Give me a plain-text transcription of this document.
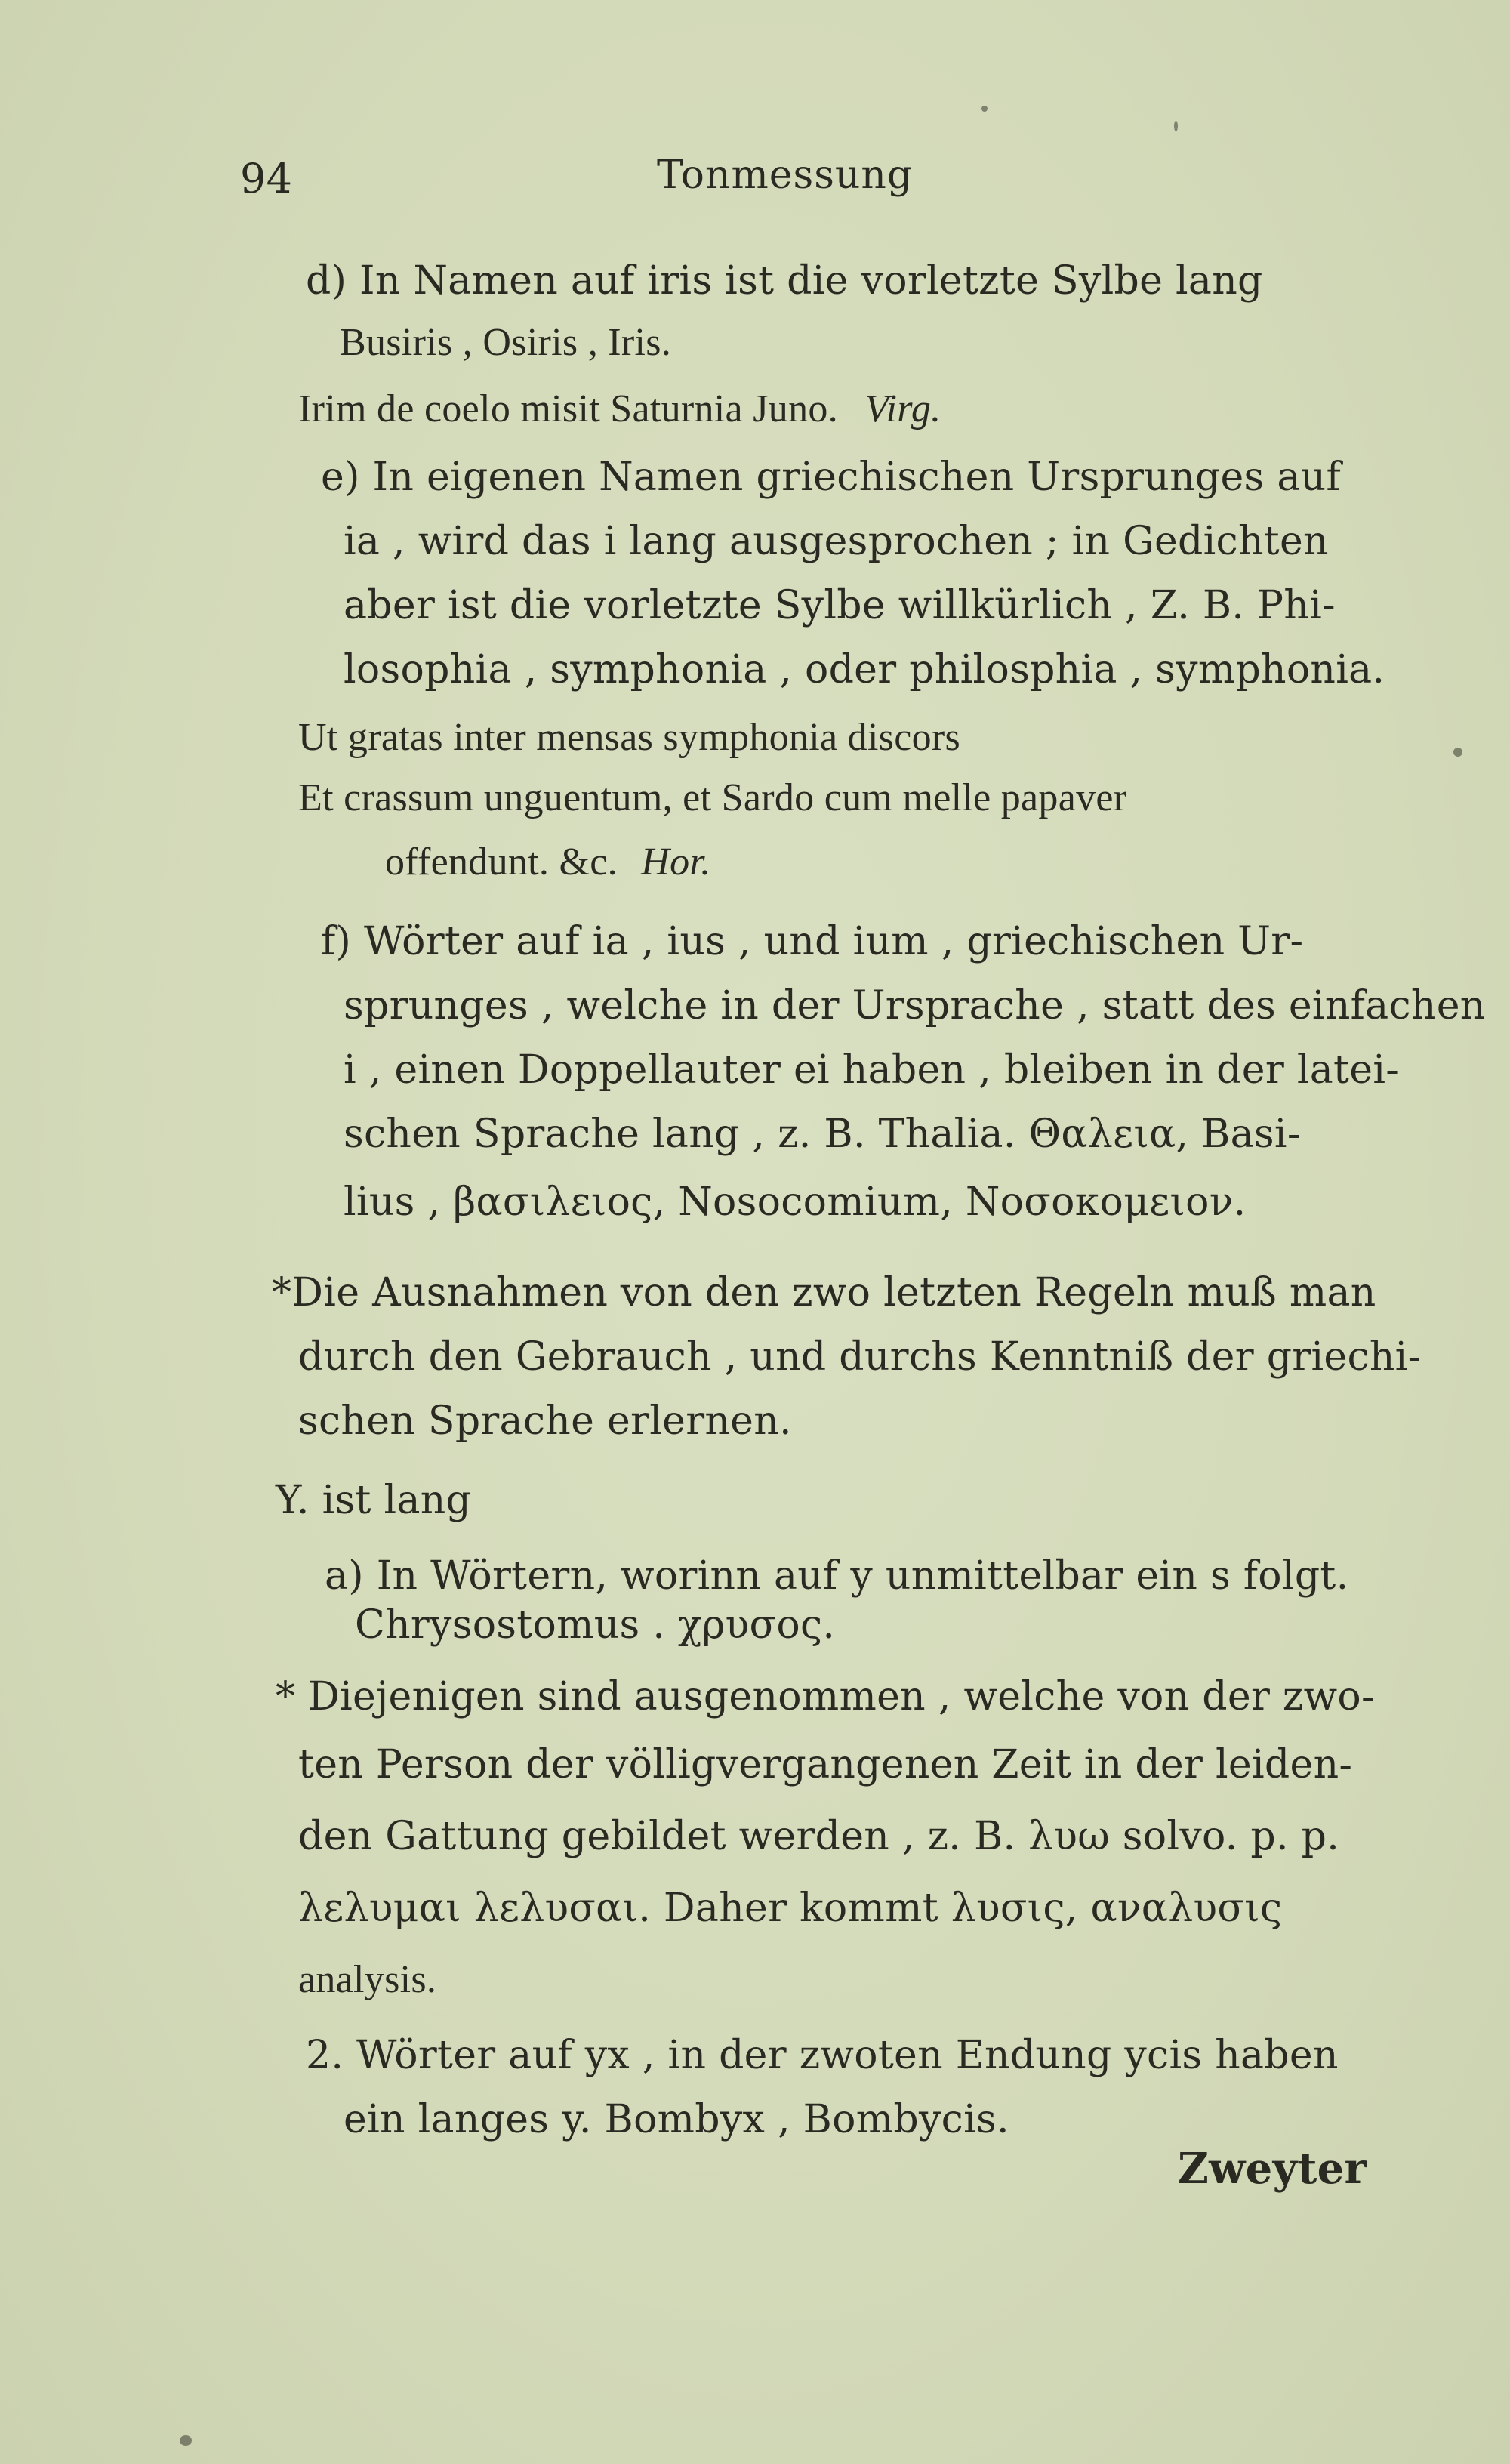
94	Tonmessung
d) In Namen auf iris ist die vorletzte Sylbe lang
Busiris , Osiris , Iris.
Irim de coelo misit Saturnia Juno. Virg.
e) In eigenen Namen griechischen Ursprunges auf
ia , wird das i lang ausgesprochen ; in Gedichten
aber ist die vorletzte Sylbe willkürlich , Z. B. Phi-
losophia , symphonia , oder philosphia , symphonia.
Ut gratas inter mensas symphonia discors
Et crassum unguentum, et Sardo cum melle papaver
offendunt. &c. Hor.
f) Wörter auf ia , ius , und ium , griechischen Ur-
sprunges , welche in der Ursprache , statt des einfachen
i , einen Doppellauter ei haben , bleiben in der latei-
schen Sprache lang , z. B. Thalia. Θαλεια, Basi-
lius , βασιλειος, Nosocomium, Νοσοκομειον.
*Die Ausnahmen von den zwo letzten Regeln muß man
durch den Gebrauch , und durchs Kenntniß der griechi-
schen Sprache erlernen.
Y. ist lang
a) In Wörtern, worinn auf y unmittelbar ein s folgt.
Chrysostomus . χρυσος.
* Diejenigen sind ausgenommen , welche von der zwo-
ten Person der völligvergangenen Zeit in der leiden-
den Gattung gebildet werden , z. B. λυω solvo. p. p.
λελυμαι λελυσαι. Daher kommt λυσις, αναλυσις
analysis.
2. Wörter auf yx , in der zwoten Endung ycis haben
ein langes y. Bombyx , Bombycis.
Zweyter
